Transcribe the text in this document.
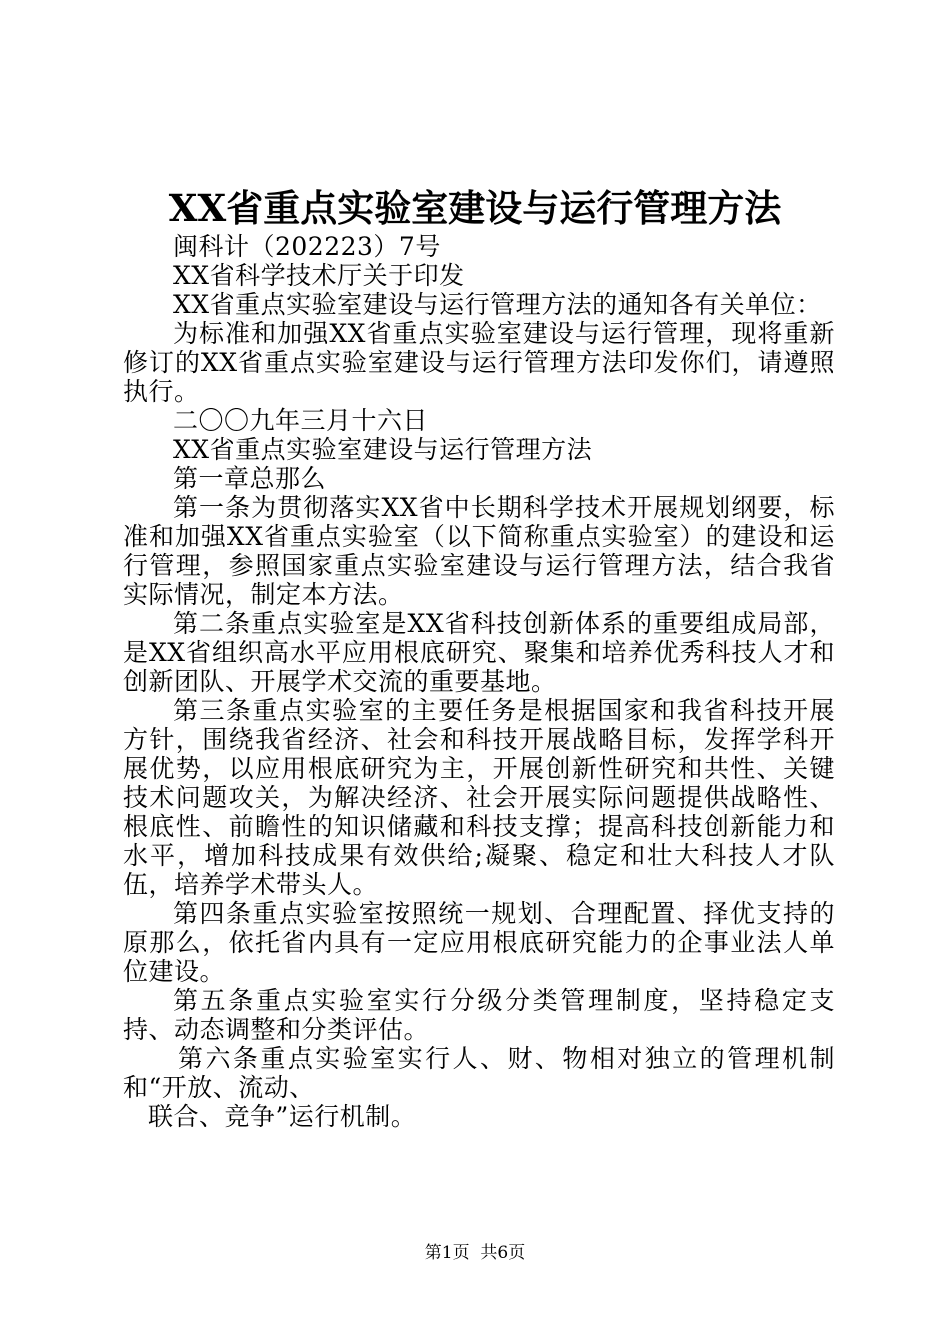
XX省重点实验室建设与运行管理方法

闽科计（202223）7号

XX省科学技术厅关于印发

XX省重点实验室建设与运行管理方法的通知各有关单位：

为标准和加强XX省重点实验室建设与运行管理，现将重新修订的XX省重点实验室建设与运行管理方法印发你们，请遵照执行。

二〇〇九年三月十六日

XX省重点实验室建设与运行管理方法

第一章总那么

第一条为贯彻落实XX省中长期科学技术开展规划纲要，标准和加强XX省重点实验室（以下简称重点实验室）的建设和运行管理，参照国家重点实验室建设与运行管理方法，结合我省实际情况，制定本方法。

第二条重点实验室是XX省科技创新体系的重要组成局部，是XX省组织高水平应用根底研究、聚集和培养优秀科技人才和创新团队、开展学术交流的重要基地。

第三条重点实验室的主要任务是根据国家和我省科技开展方针，围绕我省经济、社会和科技开展战略目标，发挥学科开展优势，以应用根底研究为主，开展创新性研究和共性、关键技术问题攻关，为解决经济、社会开展实际问题提供战略性、根底性、前瞻性的知识储藏和科技支撑；提高科技创新能力和水平，增加科技成果有效供给;凝聚、稳定和壮大科技人才队伍，培养学术带头人。

第四条重点实验室按照统一规划、合理配置、择优支持的原那么，依托省内具有一定应用根底研究能力的企事业法人单位建设。

第五条重点实验室实行分级分类管理制度，坚持稳定支持、动态调整和分类评估。

第六条重点实验室实行人、财、物相对独立的管理机制和“开放、流动、

联合、竞争”运行机制。

第1页  共6页
